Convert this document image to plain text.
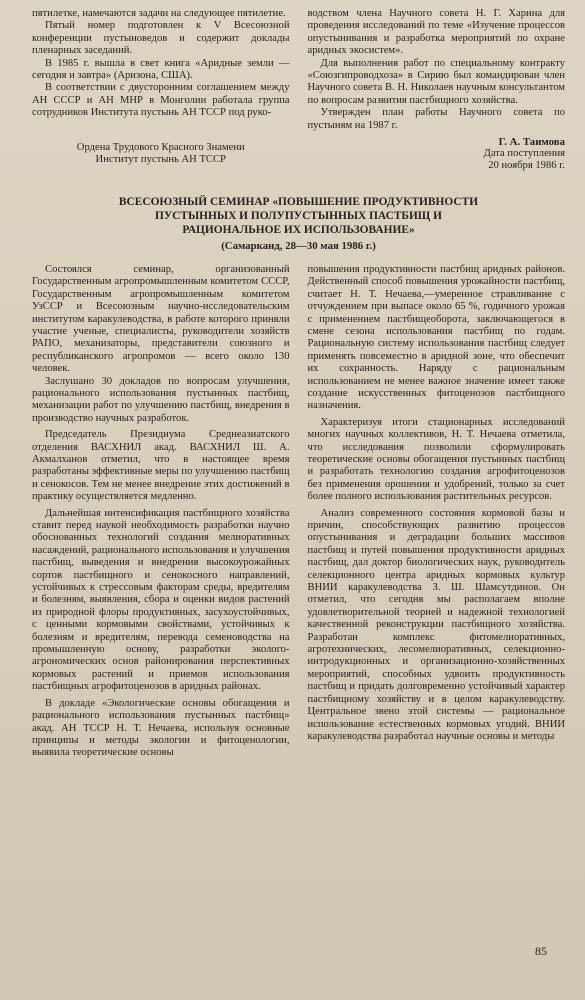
пятилетке, намечаются задачи на следующее пятилетие.

Пятый номер подготовлен к V Всесоюзной конференции пустыноведов и содержит доклады пленарных заседаний.

В 1985 г. вышла в свет книга «Аридные земли — сегодня и завтра» (Аризона, США).

В соответствии с двусторонним соглашением между АН СССР и АН МНР в Монголии работала группа сотрудников Института пустынь АН ТССР под руко-

Ордена Трудового Красного Знамени
Институт пустынь АН ТССР

водством члена Научного совета Н. Г. Харина для проведения исследований по теме «Изучение процессов опустынивания и разработка мероприятий по охране аридных экосистем».

Для выполнения работ по специальному контракту «Союзгипроводхоза» в Сирию был командирован член Научного совета В. Н. Николаев научным консультантом по вопросам развития пастбищного хозяйства.

Утвержден план работы Научного совета по пустыням на 1987 г.

Г. А. Таимова
Дата поступления
20 ноября 1986 г.
ВСЕСОЮЗНЫЙ СЕМИНАР «ПОВЫШЕНИЕ ПРОДУКТИВНОСТИ
ПУСТЫННЫХ И ПОЛУПУСТЫННЫХ ПАСТБИЩ И
РАЦИОНАЛЬНОЕ ИХ ИСПОЛЬЗОВАНИЕ»
(Самарканд, 28—30 мая 1986 г.)

Состоялся семинар, организованный Государственным агропромышленным комитетом СССР, Государственным агропромышленным комитетом УзССР и Всесоюзным научно-исследовательским институтом каракулеводства, в работе которого приняли участие ученые, специалисты, руководители хозяйств РАПО, механизаторы, представители союзного и республиканского агропромов — всего около 130 человек.

Заслушано 30 докладов по вопросам улучшения, рационального использования пустынных пастбищ, механизации работ по улучшению пастбищ, внедрения в производство научных разработок.

Председатель Президиума Среднеазиатского отделения ВАСХНИЛ акад. ВАСХНИЛ Ш. А. Акмалханов отметил, что в настоящее время разработаны эффективные меры по улучшению пастбищ и сенокосов. Тем не менее внедрение этих достижений в практику осуществляется медленно.

Дальнейшая интенсификация пастбищного хозяйства ставит перед наукой необходимость разработки научно обоснованных технологий создания мелиоративных насаждений, рационального использования и улучшения пастбищ, выведения и внедрения высокоурожайных сортов пастбищного и сенокосного направлений, устойчивых к стрессовым факторам среды, вредителям и болезням, выявления, сбора и оценки видов растений из природной флоры продуктивных, засухоустойчивых, с ценными кормовыми свойствами, устойчивых к болезням и вредителям, перевода семеноводства на промышленную основу, разработки эколого-агрономических основ районирования перспективных кормовых растений и приемов использования пастбищных агрофитоценозов в аридных районах.

В докладе «Экологические основы обогащения и рационального использования пустынных пастбищ» акад. АН ТССР Н. Т. Нечаева, используя основные принципы и методы экологии и фитоценологии, выявила теоретические основы

повышения продуктивности пастбищ аридных районов. Действенный способ повышения урожайности пастбищ, считает Н. Т. Нечаева,—умеренное стравливание с отчуждением при выпасе около 65 %, годичного урожая с применением пастбищеоборота, заключающегося в смене сезона использования пастбищ по годам. Рациональную систему использования пастбищ следует применять повсеместно в аридной зоне, что обеспечит их сохранность. Наряду с рациональным использованием не менее важное значение имеет также создание искусственных фитоценозов пастбищного назначения.

Характеризуя итоги стационарных исследований многих научных коллективов, Н. Т. Нечаева отметила, что исследования позволили сформулировать теоретические основы обогащения пустынных пастбищ и разработать технологию создания агрофитоценозов без применения орошения и удобрений, только за счет более полного использования растительных ресурсов.

Анализ современного состояния кормовой базы и причин, способствующих развитию процессов опустынивания и деградации больших массивов пастбищ и путей повышения продуктивности аридных пастбищ, дал доктор биологических наук, руководитель селекционного центра аридных кормовых культур ВНИИ каракулеводства З. Ш. Шамсутдинов. Он отметил, что сегодня мы располагаем вполне удовлетворительной теорией и надежной технологией качественной реконструкции пастбищного хозяйства. Разработан комплекс фитомелиоративных, агротехнических, лесомелиоративных, селекционно-интродукционных и организационно-хозяйственных мероприятий, способных удвоить продуктивность пастбищ и придать долговременно устойчивый характер пастбищному хозяйству и в целом каракулеводству. Центральное звено этой системы — рациональное использование естественных кормовых угодий. ВНИИ каракулеводства разработал научные основы и методы

85
